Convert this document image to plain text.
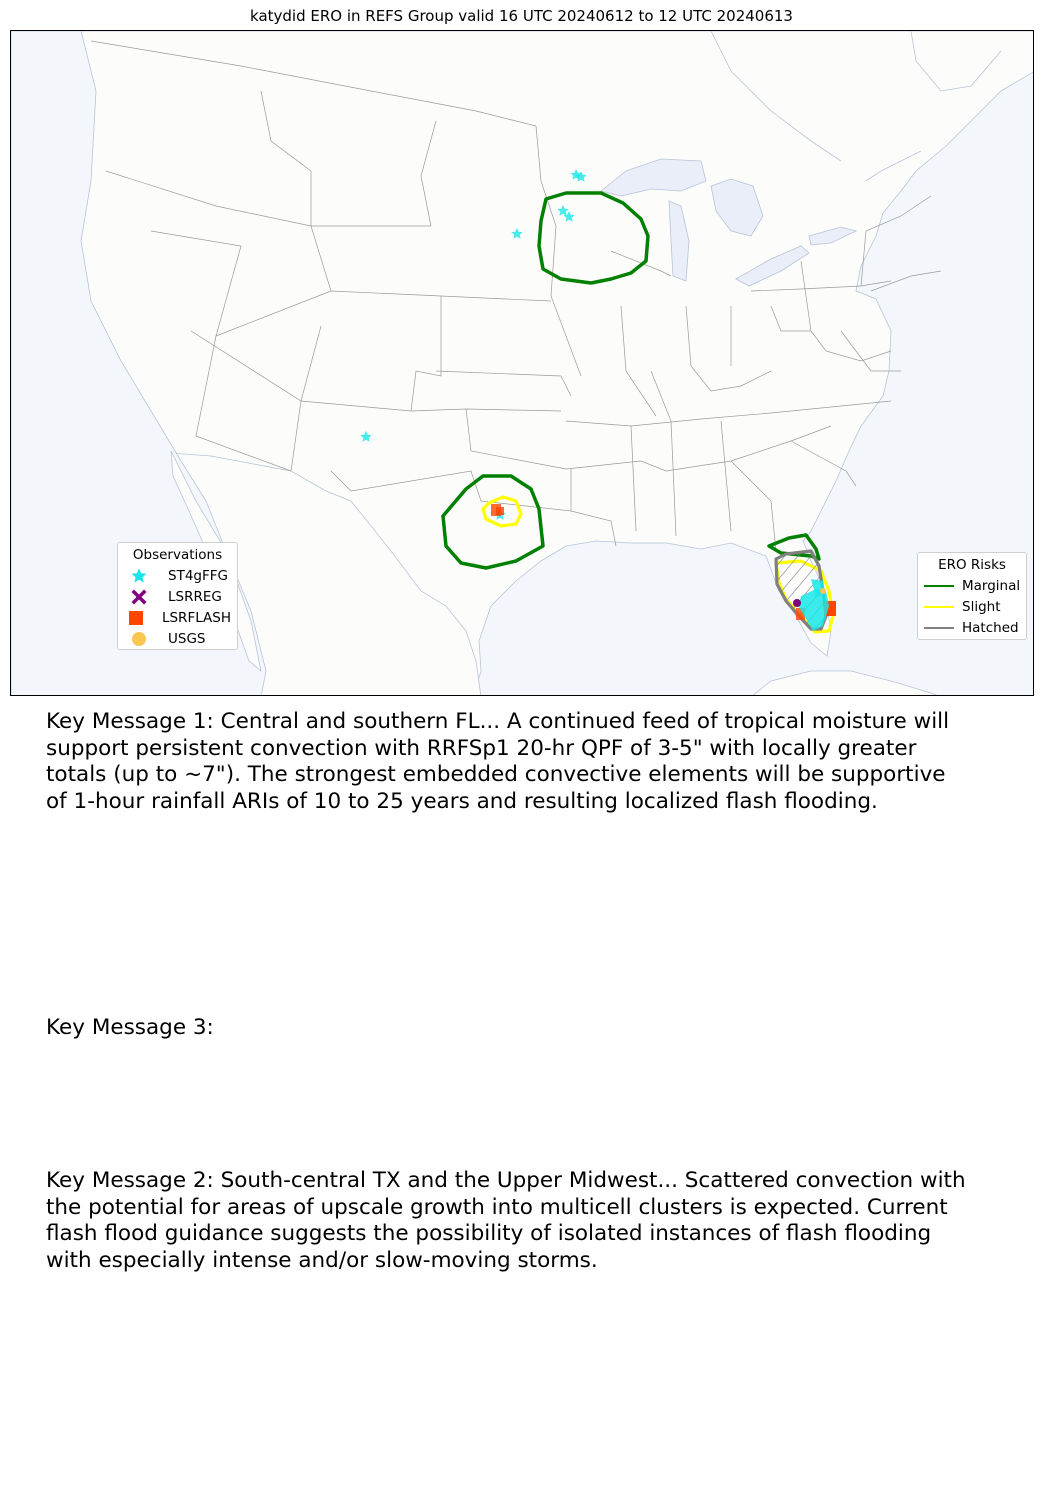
katydid ERO in REFS Group valid 16 UTC 20240612 to 12 UTC 20240613
Observations
ST4gFFG
LSRREG
LSRFLASH
USGS
ERO Risks
Marginal
Slight
Hatched
Key Message 1: Central and southern FL... A continued feed of tropical moisture will support persistent convection with RRFSp1 20-hr QPF of 3-5" with locally greater totals (up to ~7"). The strongest embedded convective elements will be supportive of 1-hour rainfall ARIs of 10 to 25 years and resulting localized flash flooding.
Key Message 3:
Key Message 2: South-central TX and the Upper Midwest... Scattered convection with the potential for areas of upscale growth into multicell clusters is expected. Current flash flood guidance suggests the possibility of isolated instances of flash flooding with especially intense and/or slow-moving storms.
